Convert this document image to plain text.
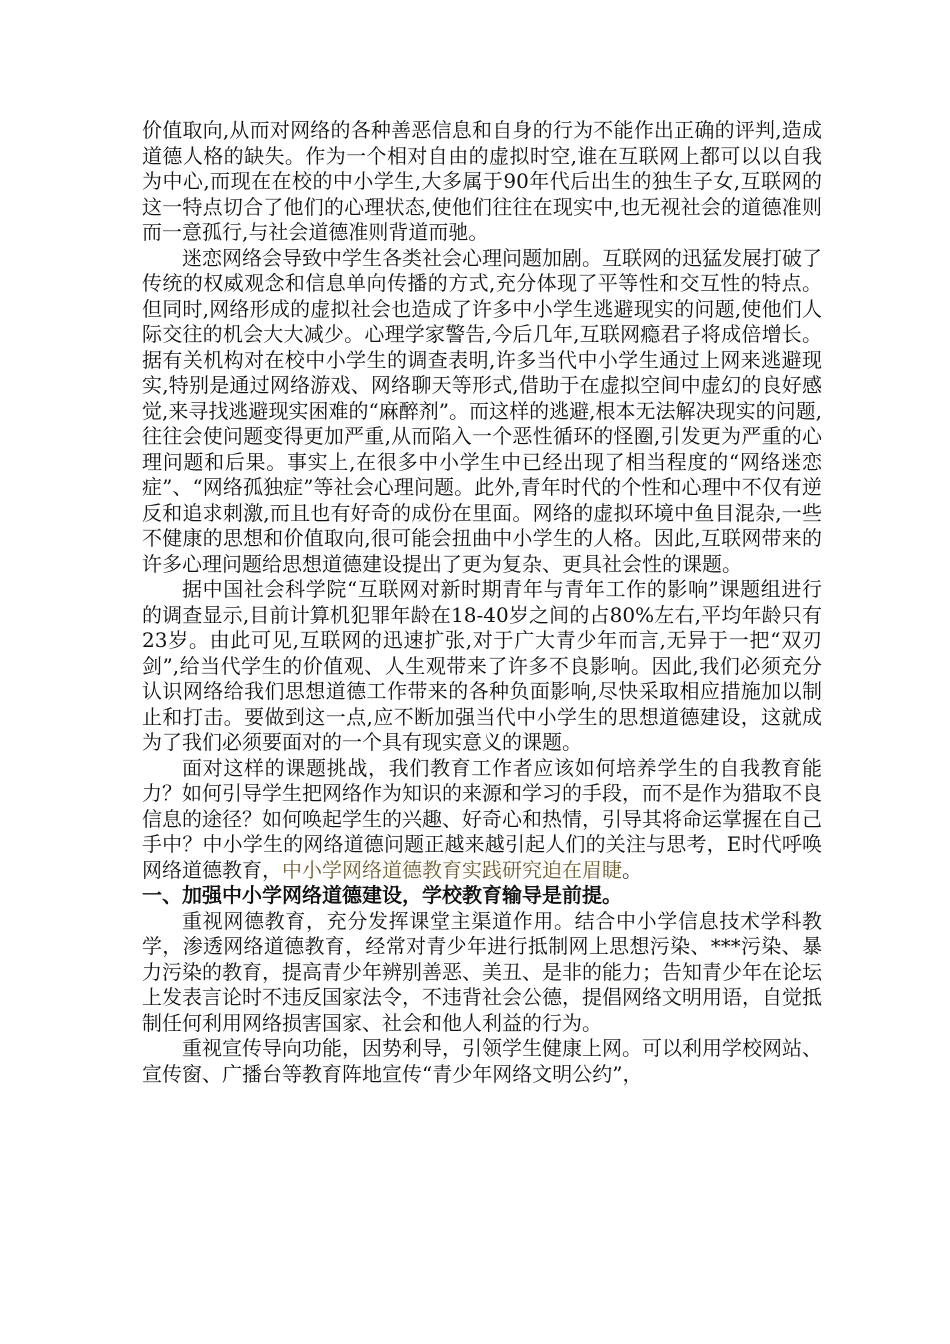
价值取向,从而对网络的各种善恶信息和自身的行为不能作出正确的评判,造成道德人格的缺失。作为一个相对自由的虚拟时空,谁在互联网上都可以以自我为中心,而现在在校的中小学生,大多属于90年代后出生的独生子女,互联网的这一特点切合了他们的心理状态,使他们往往在现实中,也无视社会的道德准则而一意孤行,与社会道德准则背道而驰。

迷恋网络会导致中学生各类社会心理问题加剧。互联网的迅猛发展打破了传统的权威观念和信息单向传播的方式,充分体现了平等性和交互性的特点。但同时,网络形成的虚拟社会也造成了许多中小学生逃避现实的问题,使他们人际交往的机会大大减少。心理学家警告,今后几年,互联网瘾君子将成倍增长。据有关机构对在校中小学生的调查表明,许多当代中小学生通过上网来逃避现实,特别是通过网络游戏、网络聊天等形式,借助于在虚拟空间中虚幻的良好感觉,来寻找逃避现实困难的“麻醉剂”。而这样的逃避,根本无法解决现实的问题,往往会使问题变得更加严重,从而陷入一个恶性循环的怪圈,引发更为严重的心理问题和后果。事实上,在很多中小学生中已经出现了相当程度的“网络迷恋症”、“网络孤独症”等社会心理问题。此外,青年时代的个性和心理中不仅有逆反和追求刺激,而且也有好奇的成份在里面。网络的虚拟环境中鱼目混杂,一些不健康的思想和价值取向,很可能会扭曲中小学生的人格。因此,互联网带来的许多心理问题给思想道德建设提出了更为复杂、更具社会性的课题。

据中国社会科学院“互联网对新时期青年与青年工作的影响”课题组进行的调查显示,目前计算机犯罪年龄在18-40岁之间的占80%左右,平均年龄只有23岁。由此可见,互联网的迅速扩张,对于广大青少年而言,无异于一把“双刃剑”,给当代学生的价值观、人生观带来了许多不良影响。因此,我们必须充分认识网络给我们思想道德工作带来的各种负面影响,尽快采取相应措施加以制止和打击。要做到这一点,应不断加强当代中小学生的思想道德建设，这就成为了我们必须要面对的一个具有现实意义的课题。

面对这样的课题挑战，我们教育工作者应该如何培养学生的自我教育能力？如何引导学生把网络作为知识的来源和学习的手段，而不是作为猎取不良信息的途径？如何唤起学生的兴趣、好奇心和热情，引导其将命运掌握在自己手中？中小学生的网络道德问题正越来越引起人们的关注与思考，E时代呼唤网络道德教育，中小学网络道德教育实践研究迫在眉睫。

一、加强中小学网络道德建设，学校教育输导是前提。

重视网德教育，充分发挥课堂主渠道作用。结合中小学信息技术学科教学，渗透网络道德教育，经常对青少年进行抵制网上思想污染、***污染、暴力污染的教育，提高青少年辨别善恶、美丑、是非的能力；告知青少年在论坛上发表言论时不违反国家法令，不违背社会公德，提倡网络文明用语，自觉抵制任何利用网络损害国家、社会和他人利益的行为。

重视宣传导向功能，因势利导，引领学生健康上网。可以利用学校网站、宣传窗、广播台等教育阵地宣传“青少年网络文明公约”，
